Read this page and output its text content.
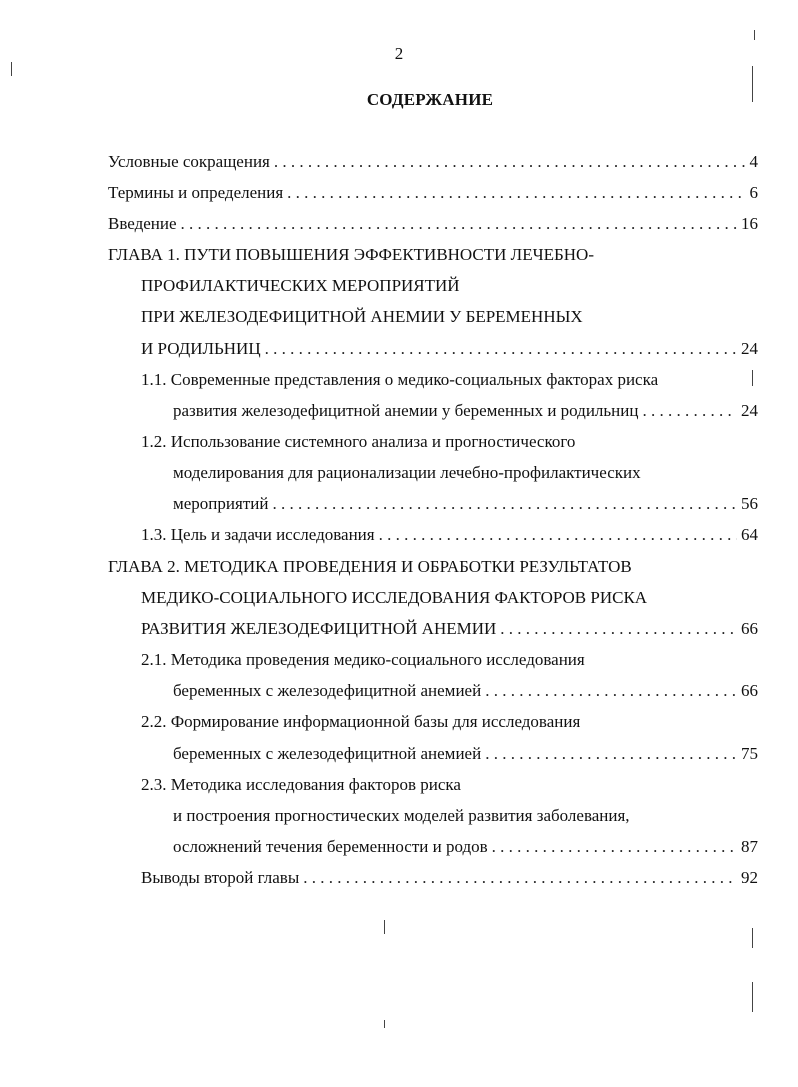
2
СОДЕРЖАНИЕ
Условные сокращения . . .	4
Термины и определения . . .	6
Введение . . .	16
ГЛАВА 1. ПУТИ ПОВЫШЕНИЯ ЭФФЕКТИВНОСТИ ЛЕЧЕБНО-
ПРОФИЛАКТИЧЕСКИХ МЕРОПРИЯТИЙ
ПРИ ЖЕЛЕЗОДЕФИЦИТНОЙ АНЕМИИ У БЕРЕМЕННЫХ
И РОДИЛЬНИЦ . . .	24
1.1. Современные представления о медико-социальных факторах риска
развития железодефицитной анемии у беременных и родильниц . . .	24
1.2. Использование системного анализа и прогностического
моделирования для рационализации лечебно-профилактических
мероприятий . . .	56
1.3. Цель и задачи исследования . . .	64
ГЛАВА 2. МЕТОДИКА ПРОВЕДЕНИЯ И ОБРАБОТКИ РЕЗУЛЬТАТОВ
МЕДИКО-СОЦИАЛЬНОГО ИССЛЕДОВАНИЯ ФАКТОРОВ РИСКА
РАЗВИТИЯ ЖЕЛЕЗОДЕФИЦИТНОЙ АНЕМИИ . . .	66
2.1. Методика проведения медико-социального исследования
беременных с железодефицитной анемией . . .	66
2.2. Формирование информационной базы для исследования
беременных с железодефицитной анемией . . .	75
2.3. Методика исследования факторов риска
и построения прогностических моделей развития заболевания,
осложнений течения беременности и родов . . .	87
Выводы второй главы . . .	92
